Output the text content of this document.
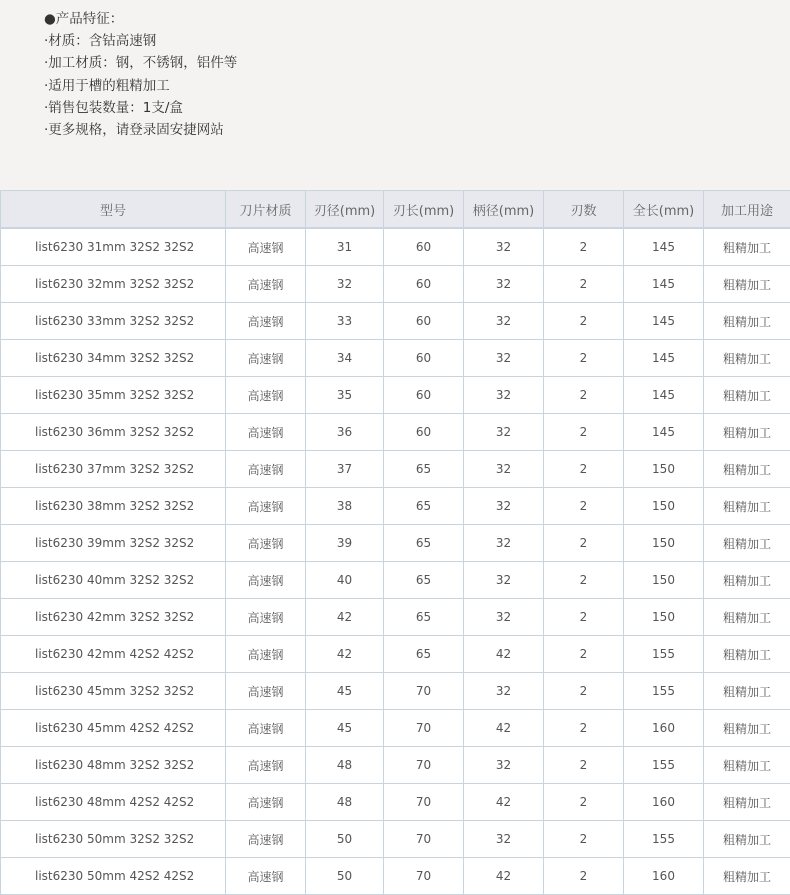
●产品特征：
·材质：含钴高速钢
·加工材质：钢，不锈钢，铝件等
·适用于槽的粗精加工
·销售包装数量：1支/盒
·更多规格，请登录固安捷网站
型号	刀片材质	刃径(mm)	刃长(mm)	柄径(mm)	刃数	全长(mm)	加工用途

list6230 31mm 32S2 32S2	高速钢	31	60	32	2	145	粗精加工
list6230 32mm 32S2 32S2	高速钢	32	60	32	2	145	粗精加工
list6230 33mm 32S2 32S2	高速钢	33	60	32	2	145	粗精加工
list6230 34mm 32S2 32S2	高速钢	34	60	32	2	145	粗精加工
list6230 35mm 32S2 32S2	高速钢	35	60	32	2	145	粗精加工
list6230 36mm 32S2 32S2	高速钢	36	60	32	2	145	粗精加工
list6230 37mm 32S2 32S2	高速钢	37	65	32	2	150	粗精加工
list6230 38mm 32S2 32S2	高速钢	38	65	32	2	150	粗精加工
list6230 39mm 32S2 32S2	高速钢	39	65	32	2	150	粗精加工
list6230 40mm 32S2 32S2	高速钢	40	65	32	2	150	粗精加工
list6230 42mm 32S2 32S2	高速钢	42	65	32	2	150	粗精加工
list6230 42mm 42S2 42S2	高速钢	42	65	42	2	155	粗精加工
list6230 45mm 32S2 32S2	高速钢	45	70	32	2	155	粗精加工
list6230 45mm 42S2 42S2	高速钢	45	70	42	2	160	粗精加工
list6230 48mm 32S2 32S2	高速钢	48	70	32	2	155	粗精加工
list6230 48mm 42S2 42S2	高速钢	48	70	42	2	160	粗精加工
list6230 50mm 32S2 32S2	高速钢	50	70	32	2	155	粗精加工
list6230 50mm 42S2 42S2	高速钢	50	70	42	2	160	粗精加工
